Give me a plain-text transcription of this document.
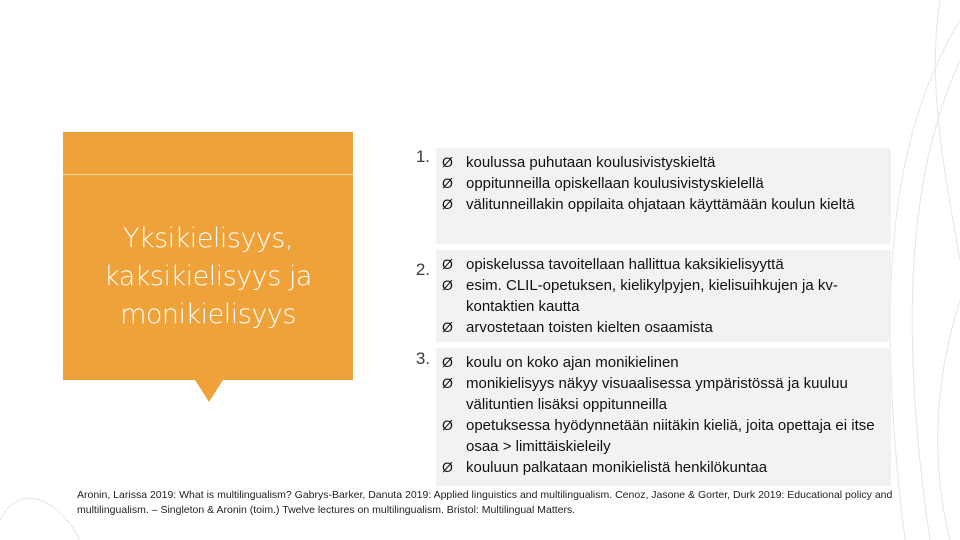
Yksikielisyys,
kaksikielisyys ja
monikielisyys
1. Ø koulussa puhutaan koulusivistyskieltä
Ø oppitunneilla opiskellaan koulusivistyskielellä
Ø välitunneillakin oppilaita ohjataan käyttämään koulun kieltä
2. Ø opiskelussa tavoitellaan hallittua kaksikielisyyttä
Ø esim. CLIL-opetuksen, kielikylpyjen, kielisuihkujen ja kv-kontaktien kautta
Ø arvostetaan toisten kielten osaamista
3. Ø koulu on koko ajan monikielinen
Ø monikielisyys näkyy visuaalisessa ympäristössä ja kuuluu välituntien lisäksi oppitunneilla
Ø opetuksessa hyödynnetään niitäkin kieliä, joita opettaja ei itse osaa > limittäiskieleily
Ø kouluun palkataan monikielistä henkilökuntaa
Aronin, Larissa 2019: What is multilingualism? Gabrys-Barker, Danuta 2019: Applied linguistics and multilingualism. Cenoz, Jasone & Gorter, Durk 2019: Educational policy and multilingualism. – Singleton & Aronin (toim.) Twelve lectures on multilingualism. Bristol: Multilingual Matters.
